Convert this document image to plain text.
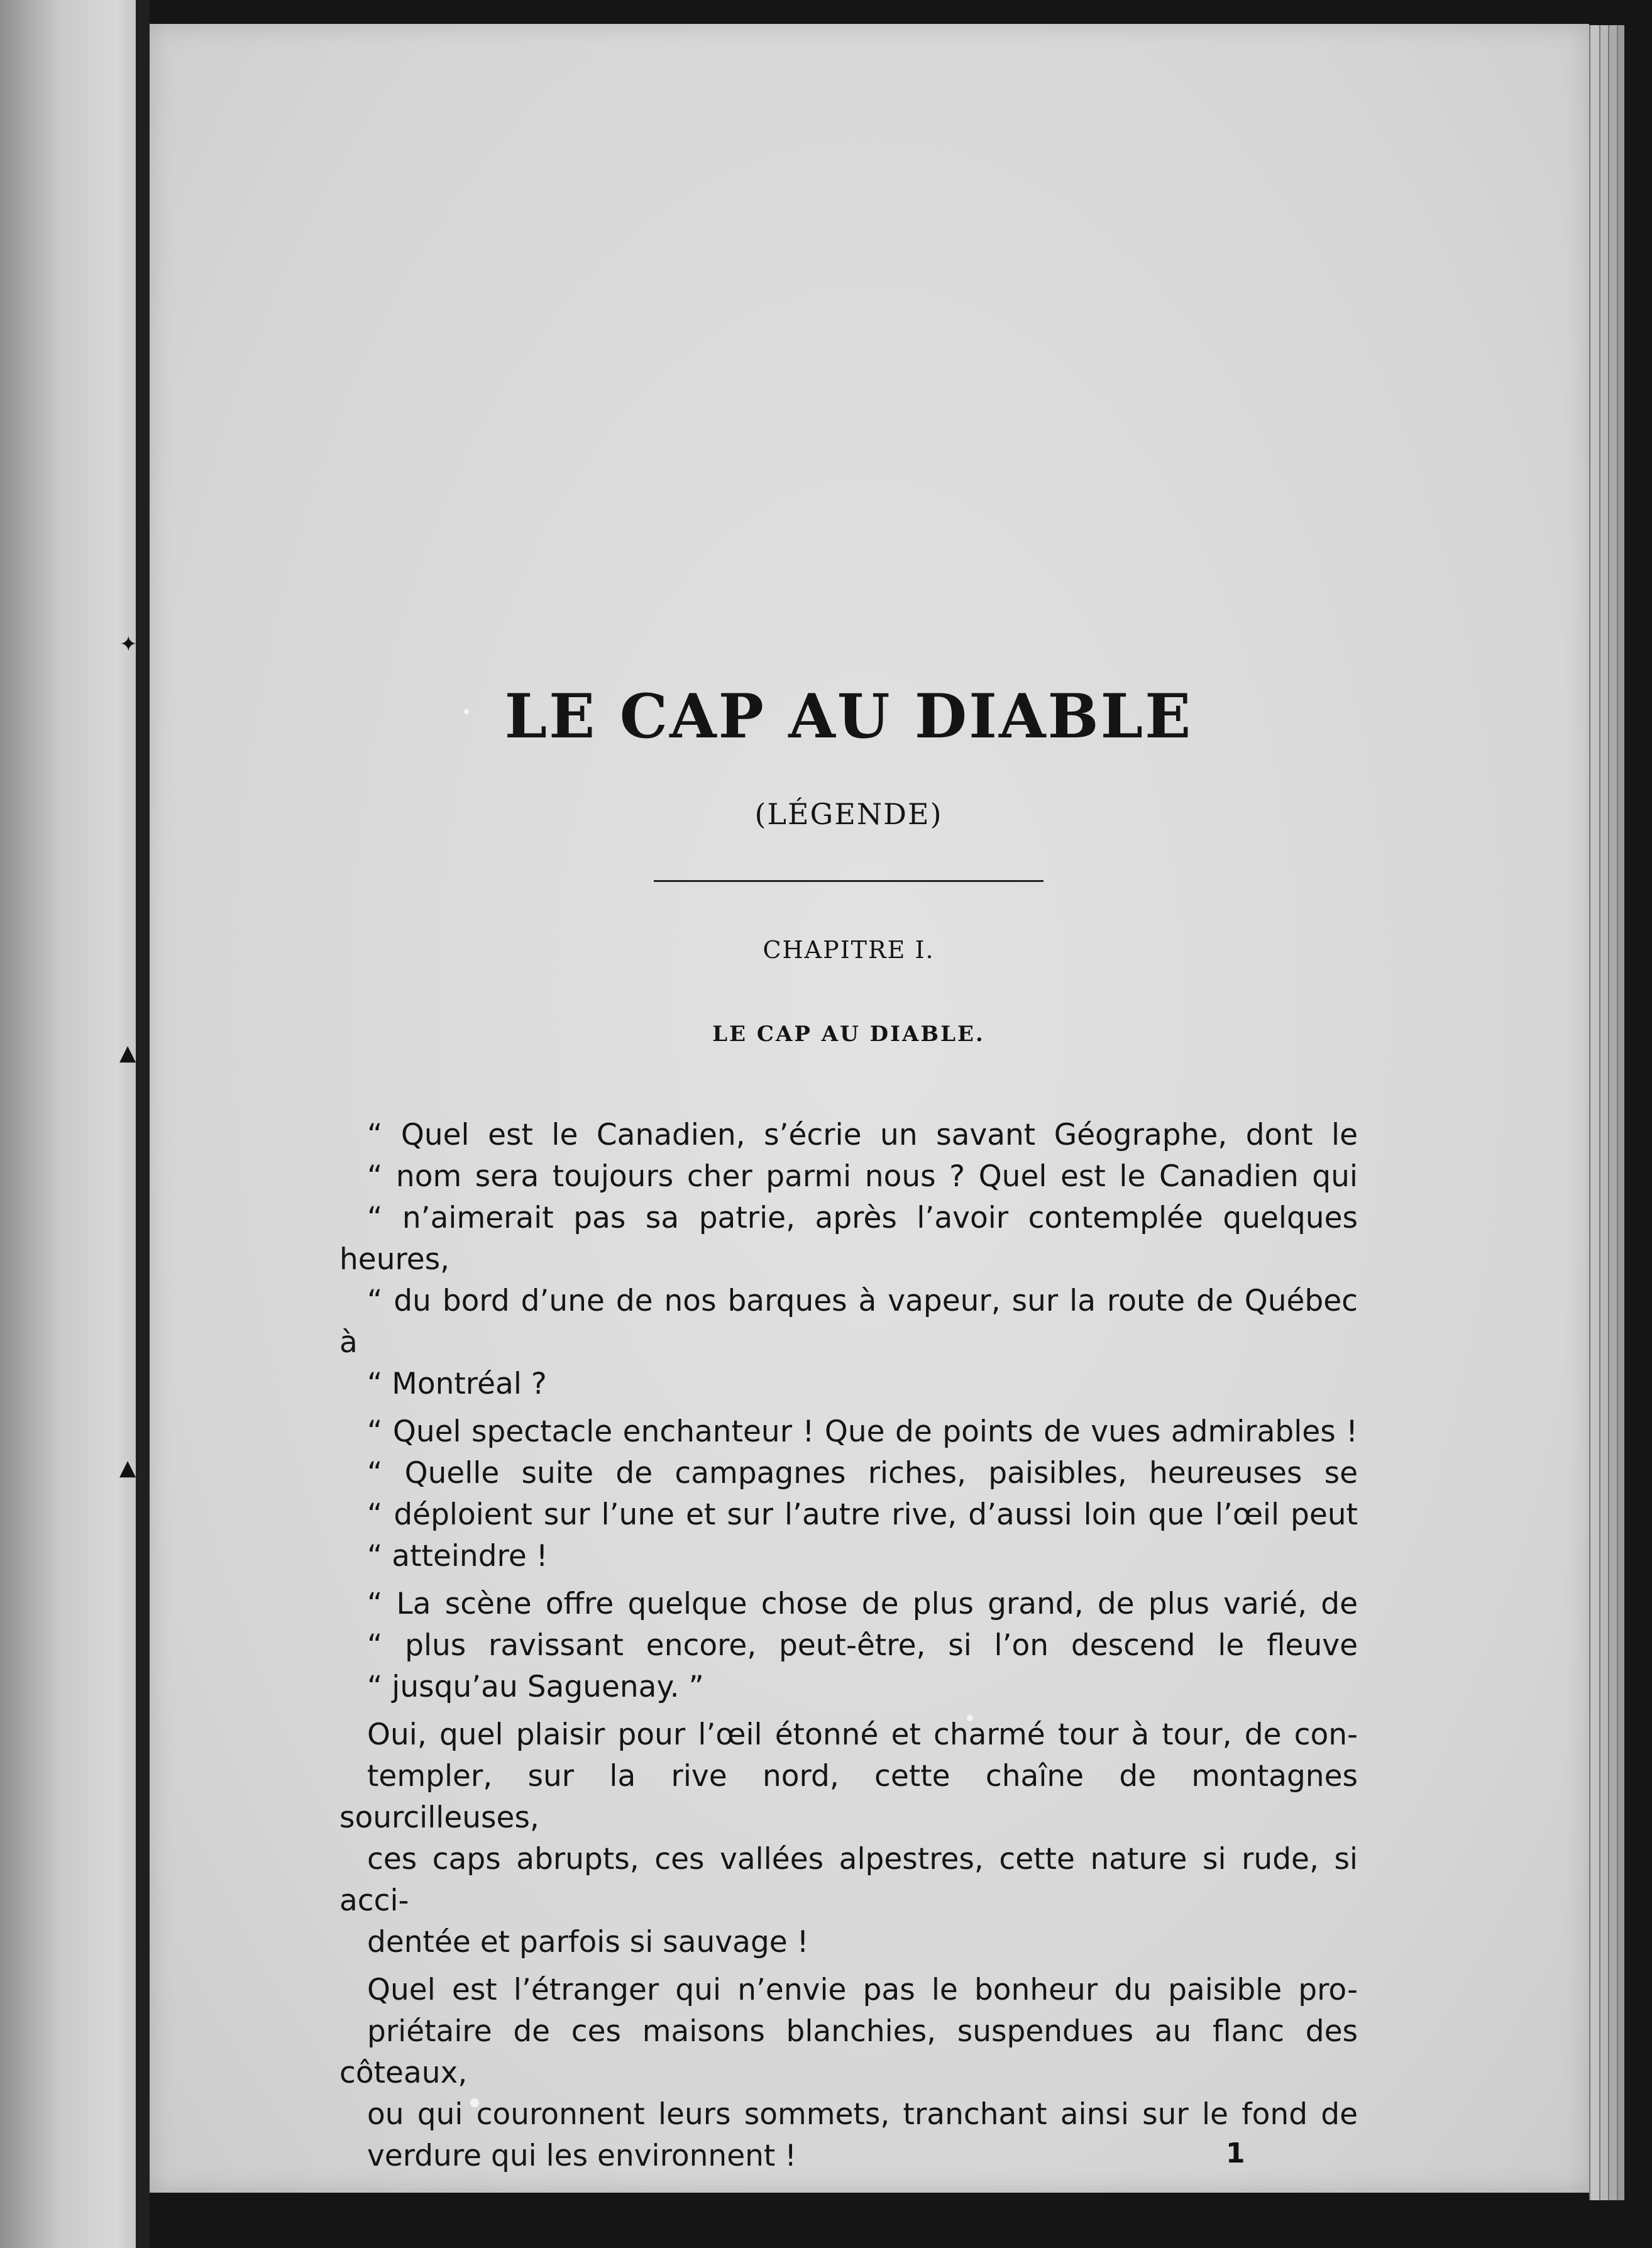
✦
▲
▲
LE CAP AU DIABLE
(LÉGENDE)
CHAPITRE I.
LE CAP AU DIABLE.

“ Quel est le Canadien, s’écrie un savant Géographe, dont le
“ nom sera toujours cher parmi nous ? Quel est le Canadien qui
“ n’aimerait pas sa patrie, après l’avoir contemplée quelques heures,
“ du bord d’une de nos barques à vapeur, sur la route de Québec à
“ Montréal ?

“ Quel spectacle enchanteur ! Que de points de vues admirables !
“ Quelle suite de campagnes riches, paisibles, heureuses se
“ déploient sur l’une et sur l’autre rive, d’aussi loin que l’œil peut
“ atteindre !

“ La scène offre quelque chose de plus grand, de plus varié, de
“ plus ravissant encore, peut-être, si l’on descend le fleuve
“ jusqu’au Saguenay. ”

Oui, quel plaisir pour l’œil étonné et charmé tour à tour, de con-
templer, sur la rive nord, cette chaîne de montagnes sourcilleuses,
ces caps abrupts, ces vallées alpestres, cette nature si rude, si acci-
dentée et parfois si sauvage !

Quel est l’étranger qui n’envie pas le bonheur du paisible pro-
priétaire de ces maisons blanchies, suspendues au flanc des côteaux,
ou qui couronnent leurs sommets, tranchant ainsi sur le fond de
verdure qui les environnent !	1
